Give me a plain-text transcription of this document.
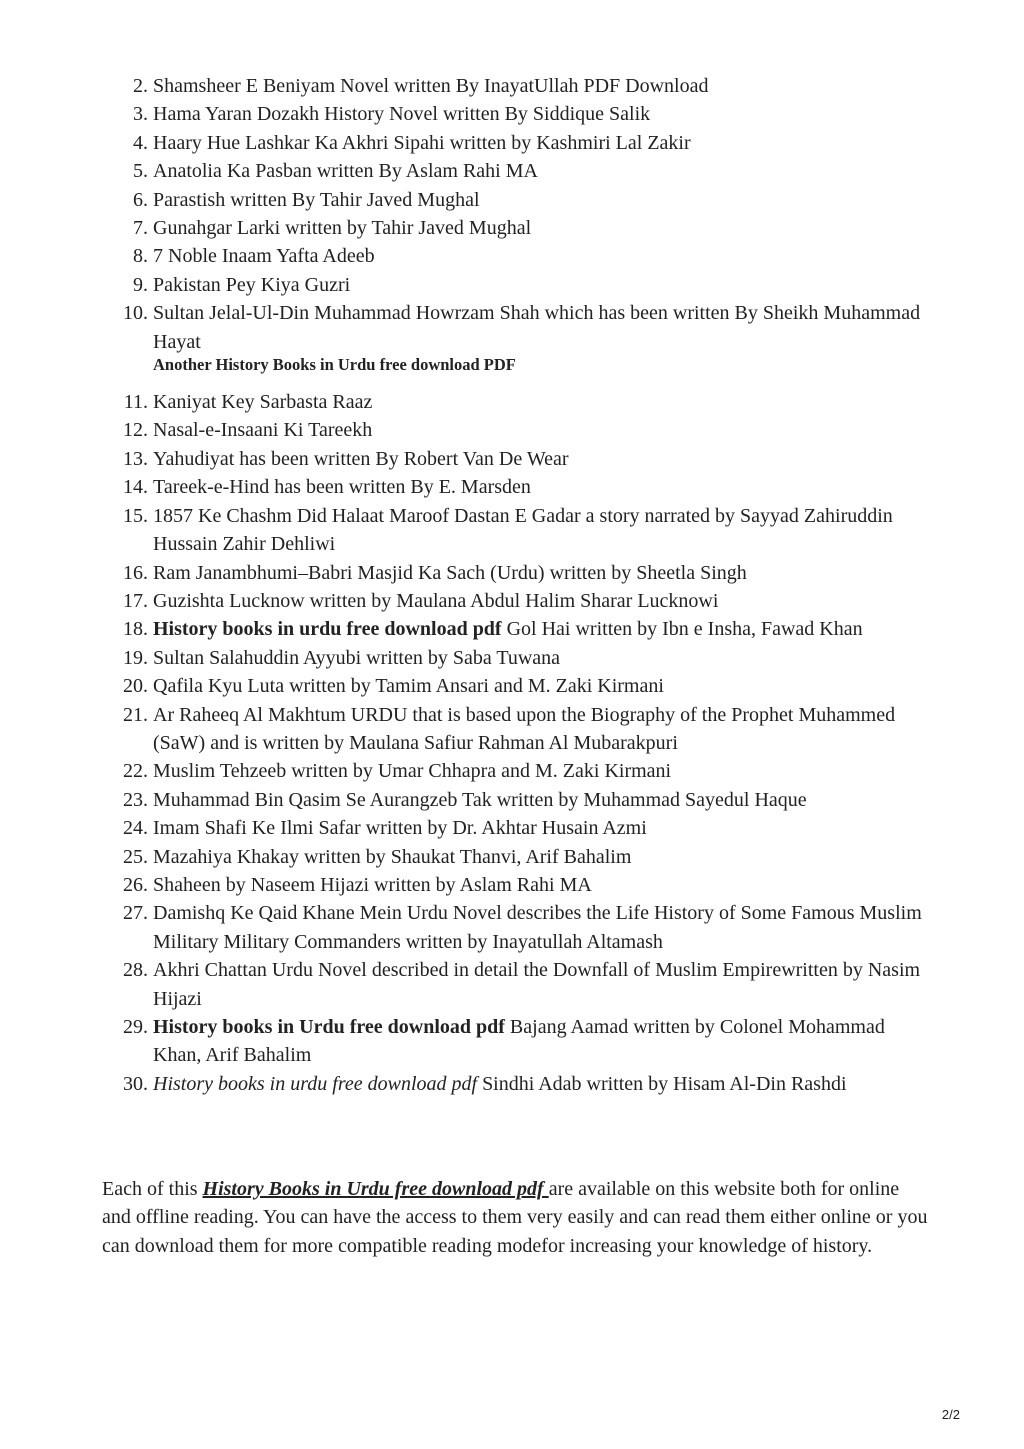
2. Shamsheer E Beniyam Novel written By InayatUllah PDF Download
3. Hama Yaran Dozakh History Novel written By Siddique Salik
4. Haary Hue Lashkar Ka Akhri Sipahi written by Kashmiri Lal Zakir
5. Anatolia Ka Pasban written By Aslam Rahi MA
6. Parastish written By Tahir Javed Mughal
7. Gunahgar Larki written by Tahir Javed Mughal
8. 7 Noble Inaam Yafta Adeeb
9. Pakistan Pey Kiya Guzri
10. Sultan Jelal-Ul-Din Muhammad Howrzam Shah which has been written By Sheikh Muhammad Hayat
Another History Books in Urdu free download PDF
11. Kaniyat Key Sarbasta Raaz
12. Nasal-e-Insaani Ki Tareekh
13. Yahudiyat has been written By Robert Van De Wear
14. Tareek-e-Hind has been written By E. Marsden
15. 1857 Ke Chashm Did Halaat Maroof Dastan E Gadar a story narrated by Sayyad Zahiruddin Hussain Zahir Dehliwi
16. Ram Janambhumi–Babri Masjid Ka Sach (Urdu) written by Sheetla Singh
17. Guzishta Lucknow written by Maulana Abdul Halim Sharar Lucknowi
18. History books in urdu free download pdf Gol Hai written by Ibn e Insha, Fawad Khan
19. Sultan Salahuddin Ayyubi written by Saba Tuwana
20. Qafila Kyu Luta written by Tamim Ansari and M. Zaki Kirmani
21. Ar Raheeq Al Makhtum URDU that is based upon the Biography of the Prophet Muhammed (SaW) and is written by Maulana Safiur Rahman Al Mubarakpuri
22. Muslim Tehzeeb written by Umar Chhapra and M. Zaki Kirmani
23. Muhammad Bin Qasim Se Aurangzeb Tak written by Muhammad Sayedul Haque
24. Imam Shafi Ke Ilmi Safar written by Dr. Akhtar Husain Azmi
25. Mazahiya Khakay written by Shaukat Thanvi, Arif Bahalim
26. Shaheen by Naseem Hijazi written by Aslam Rahi MA
27. Damishq Ke Qaid Khane Mein Urdu Novel describes the Life History of Some Famous Muslim Military Military Commanders written by Inayatullah Altamash
28. Akhri Chattan Urdu Novel described in detail the Downfall of Muslim Empirewritten by Nasim Hijazi
29. History books in Urdu free download pdf Bajang Aamad written by Colonel Mohammad Khan, Arif Bahalim
30. History books in urdu free download pdf Sindhi Adab written by Hisam Al-Din Rashdi
Each of this History Books in Urdu free download pdf are available on this website both for online and offline reading. You can have the access to them very easily and can read them either online or you can download them for more compatible reading modefor increasing your knowledge of history.
2/2
